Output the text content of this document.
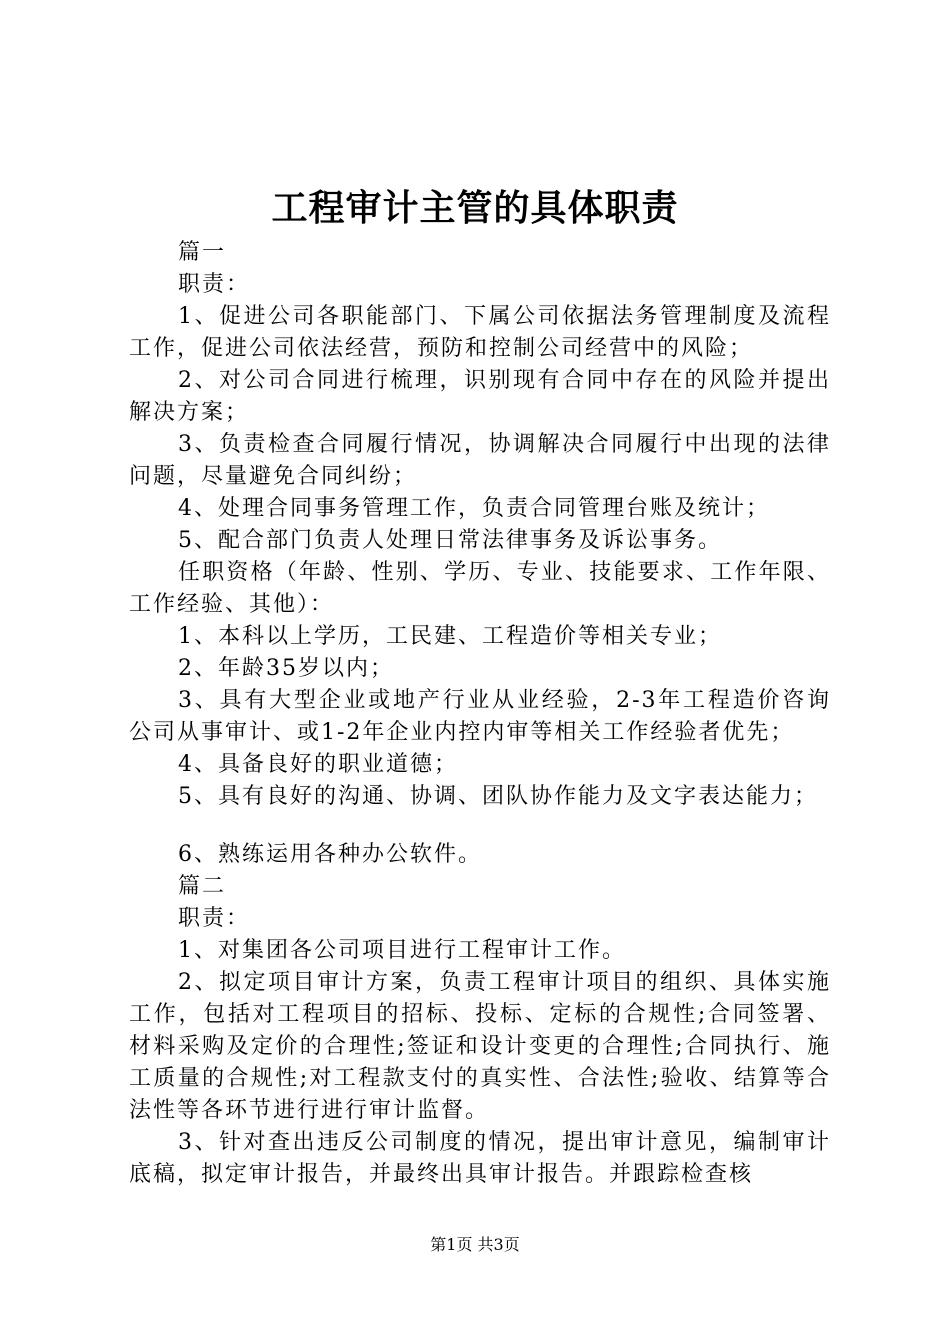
工程审计主管的具体职责

篇一

职责：

1、促进公司各职能部门、下属公司依据法务管理制度及流程工作，促进公司依法经营，预防和控制公司经营中的风险；

2、对公司合同进行梳理，识别现有合同中存在的风险并提出解决方案；

3、负责检查合同履行情况，协调解决合同履行中出现的法律问题，尽量避免合同纠纷；

4、处理合同事务管理工作，负责合同管理台账及统计；

5、配合部门负责人处理日常法律事务及诉讼事务。

任职资格（年龄、性别、学历、专业、技能要求、工作年限、工作经验、其他）：

1、本科以上学历，工民建、工程造价等相关专业；

2、年龄35岁以内；

3、具有大型企业或地产行业从业经验，2-3年工程造价咨询公司从事审计、或1-2年企业内控内审等相关工作经验者优先；

4、具备良好的职业道德；

5、具有良好的沟通、协调、团队协作能力及文字表达能力；

6、熟练运用各种办公软件。

篇二

职责：

1、对集团各公司项目进行工程审计工作。

2、拟定项目审计方案，负责工程审计项目的组织、具体实施工作，包括对工程项目的招标、投标、定标的合规性;合同签署、材料采购及定价的合理性;签证和设计变更的合理性;合同执行、施工质量的合规性;对工程款支付的真实性、合法性;验收、结算等合法性等各环节进行进行审计监督。

3、针对查出违反公司制度的情况，提出审计意见，编制审计底稿，拟定审计报告，并最终出具审计报告。并跟踪检查核

第1页 共3页
